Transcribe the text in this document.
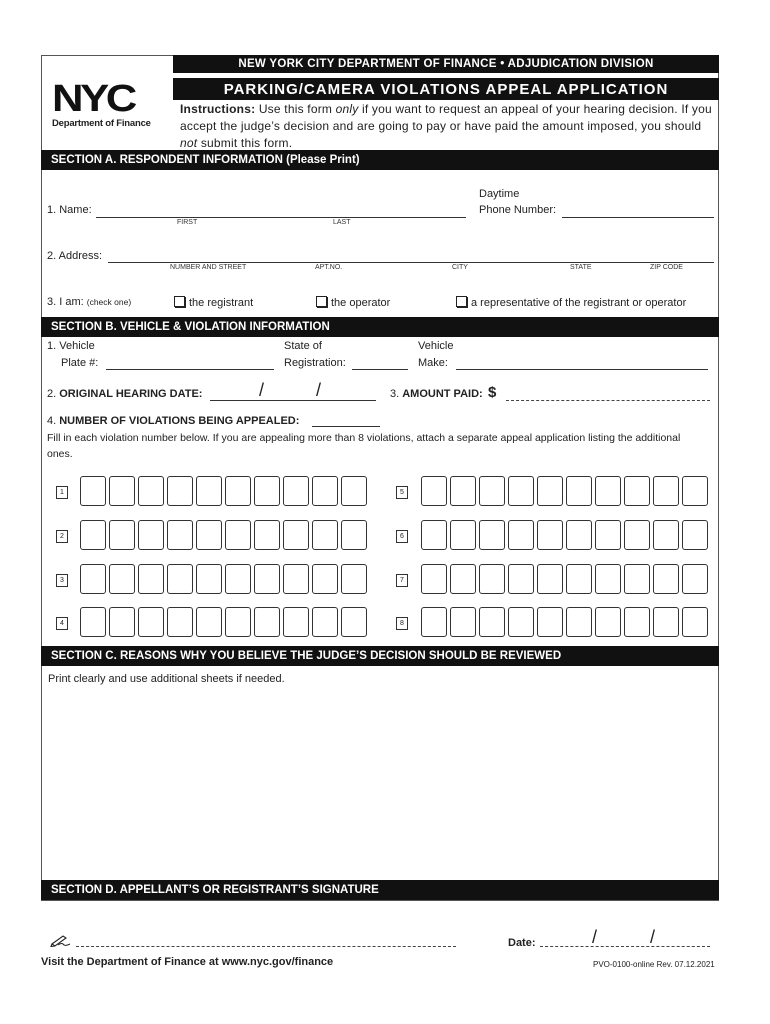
NEW YORK CITY DEPARTMENT OF FINANCE • ADJUDICATION DIVISION
PARKING/CAMERA VIOLATIONS APPEAL APPLICATION
NYC
Department of Finance
Instructions: Use this form only if you want to request an appeal of your hearing decision. If you accept the judge’s decision and are going to pay or have paid the amount imposed, you should not submit this form.
SECTION A. RESPONDENT INFORMATION (Please Print)
1. Name:
FIRST	LAST
Daytime
Phone Number:
2. Address:
NUMBER AND STREET	APT.NO.	CITY	STATE	ZIP CODE
3. I am: (check one)	the registrant	the operator	a representative of the registrant or operator
SECTION B. VEHICLE & VIOLATION INFORMATION
1. Vehicle
Plate #:
State of
Registration:
Vehicle
Make:
2. ORIGINAL HEARING DATE:	/	/	3. AMOUNT PAID: $
4. NUMBER OF VIOLATIONS BEING APPEALED:
Fill in each violation number below. If you are appealing more than 8 violations, attach a separate appeal application listing the additional ones.
1
2
3
4
5
6
7
8
SECTION C. REASONS WHY YOU BELIEVE THE JUDGE’S DECISION SHOULD BE REVIEWED
Print clearly and use additional sheets if needed.
SECTION D. APPELLANT’S OR REGISTRANT’S SIGNATURE
Date:	/	/
Visit the Department of Finance at www.nyc.gov/finance	PVO-0100-online Rev. 07.12.2021
